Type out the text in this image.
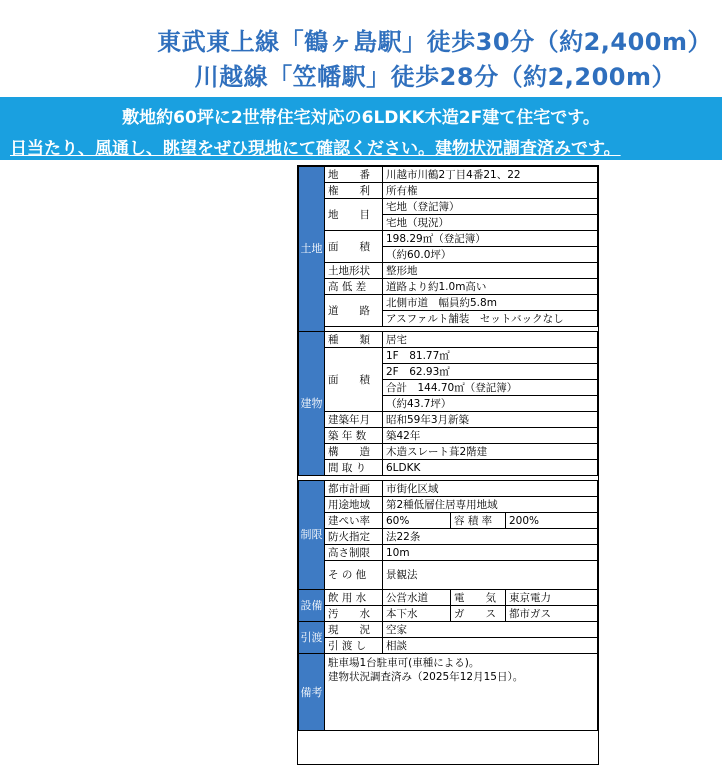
東武東上線「鶴ヶ島駅」徒歩30分（約2,400m）
川越線「笠幡駅」徒歩28分（約2,200m）
敷地約60坪に2世帯住宅対応の6LDKK木造2F建て住宅です。
日当たり、風通し、眺望をぜひ現地にて確認ください。建物状況調査済みです。
土地	地　　番	川越市川鶴2丁目4番21、22		
	権　　利	所有権		
	地　　目	宅地（登記簿）		
		宅地（現況）		
	面　　積	198.29㎡（登記簿）		
		（約60.0坪）		
	土地形状	整形地		
	高 低 差	道路より約1.0m高い		
	道　　路	北側市道　幅員約5.8m		
		アスファルト舗装　セットバックなし		

建物	種　　類	居宅		
	面　　積	1F　81.77㎡		
		2F　62.93㎡		
		合計　144.70㎡（登記簿）		
		（約43.7坪）		
	建築年月	昭和59年3月新築		
	築 年 数	築42年		
	構　　造	木造スレート葺2階建		
	間 取 り	6LDKK		

制限	都市計画	市街化区域		
	用途地域	第2種低層住居専用地域		
	建ぺい率	60%	容 積 率	200%
	防火指定	法22条		
	高さ制限	10m		
	そ の 他	景観法		
設備	飲 用 水	公営水道	電　　気	東京電力
	汚　　水	本下水	ガ　　ス	都市ガス
引渡	現　　況	空家		
	引 渡 し	相談		
備考	駐車場1台駐車可(車種による)。
建物状況調査済み（2025年12月15日）。			
